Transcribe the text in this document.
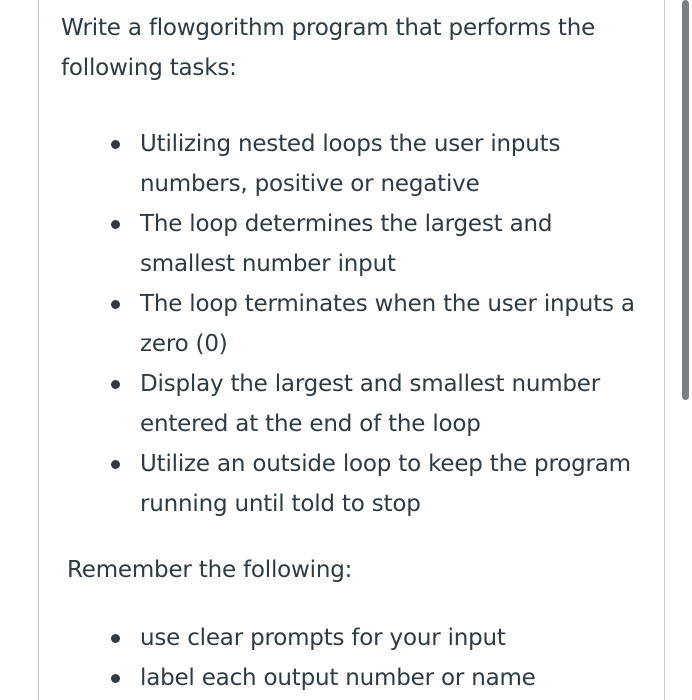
Write a flowgorithm program that performs the following tasks:

Utilizing nested loops the user inputs numbers, positive or negative
The loop determines the largest and smallest number input
The loop terminates when the user inputs a zero (0)
Display the largest and smallest number entered at the end of the loop
Utilize an outside loop to keep the program running until told to stop

Remember the following:

use clear prompts for your input
label each output number or name
